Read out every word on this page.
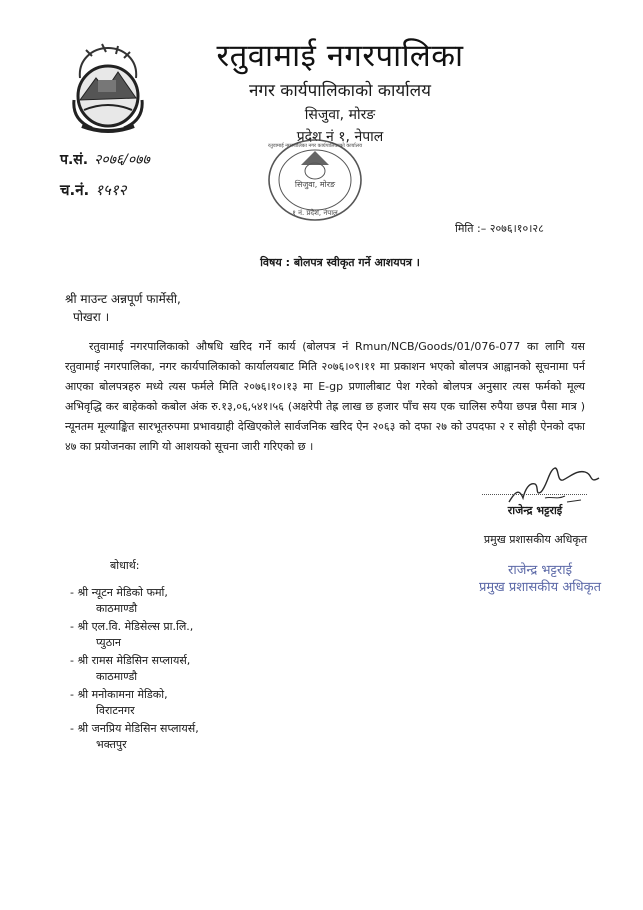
रतुवामाई नगरपालिका
नगर कार्यपालिकाको कार्यालय
सिजुवा, मोरङ
प्रदेश नं १, नेपाल
सिजुवा, मोरङ
१ नं. प्रदेश, नेपाल
रतुवामाई नगरपालिका नगर कार्यपालिकाको कार्यालय
प.सं. २०७६/०७७
च.नं. १५१२
मिति :– २०७६।१०।२८
विषय : बोलपत्र स्वीकृत गर्ने आशयपत्र ।
श्री माउन्ट अन्नपूर्ण फार्मेसी,
पोखरा ।
रतुवामाई नगरपालिकाको औषधि खरिद गर्ने कार्य (बोलपत्र नं Rmun/NCB/Goods/01/076-077 का लागि यस रतुवामाई नगरपालिका, नगर कार्यपालिकाको कार्यालयबाट मिति २०७६।०९।११ मा प्रकाशन भएको बोलपत्र आह्वानको सूचनामा पर्न आएका बोलपत्रहरु मध्ये त्यस फर्मले मिति २०७६।१०।१३ मा E-gp प्रणालीबाट पेश गरेको बोलपत्र अनुसार त्यस फर्मको मूल्य अभिवृद्धि कर बाहेकको कबोल अंक रु.१३,०६,५४१।५६ (अक्षरेपी तेह्र लाख छ हजार पाँच सय एक चालिस रुपैया छपन्न पैसा मात्र ) न्यूनतम मूल्याङ्कित सारभूतरुपमा प्रभावग्राही देखिएकोले सार्वजनिक खरिद ऐन २०६३ को दफा २७ को उपदफा २ र सोही ऐनको दफा ४७ का प्रयोजनका लागि यो आशयको सूचना जारी गरिएको छ ।
राजेन्द्र भट्टराई
प्रमुख प्रशासकीय अधिकृत
राजेन्द्र भट्टराई
प्रमुख प्रशासकीय अधिकृत
बोधार्थ:
- श्री न्यूटन मेडिको फर्मा,
काठमाण्डौ
- श्री एल.वि. मेडिसेल्स प्रा.लि.,
प्युठान
- श्री रामस मेडिसिन सप्लायर्स,
काठमाण्डौ
- श्री मनोकामना मेडिको,
विराटनगर
- श्री जनप्रिय मेडिसिन सप्लायर्स,
भक्तपुर
